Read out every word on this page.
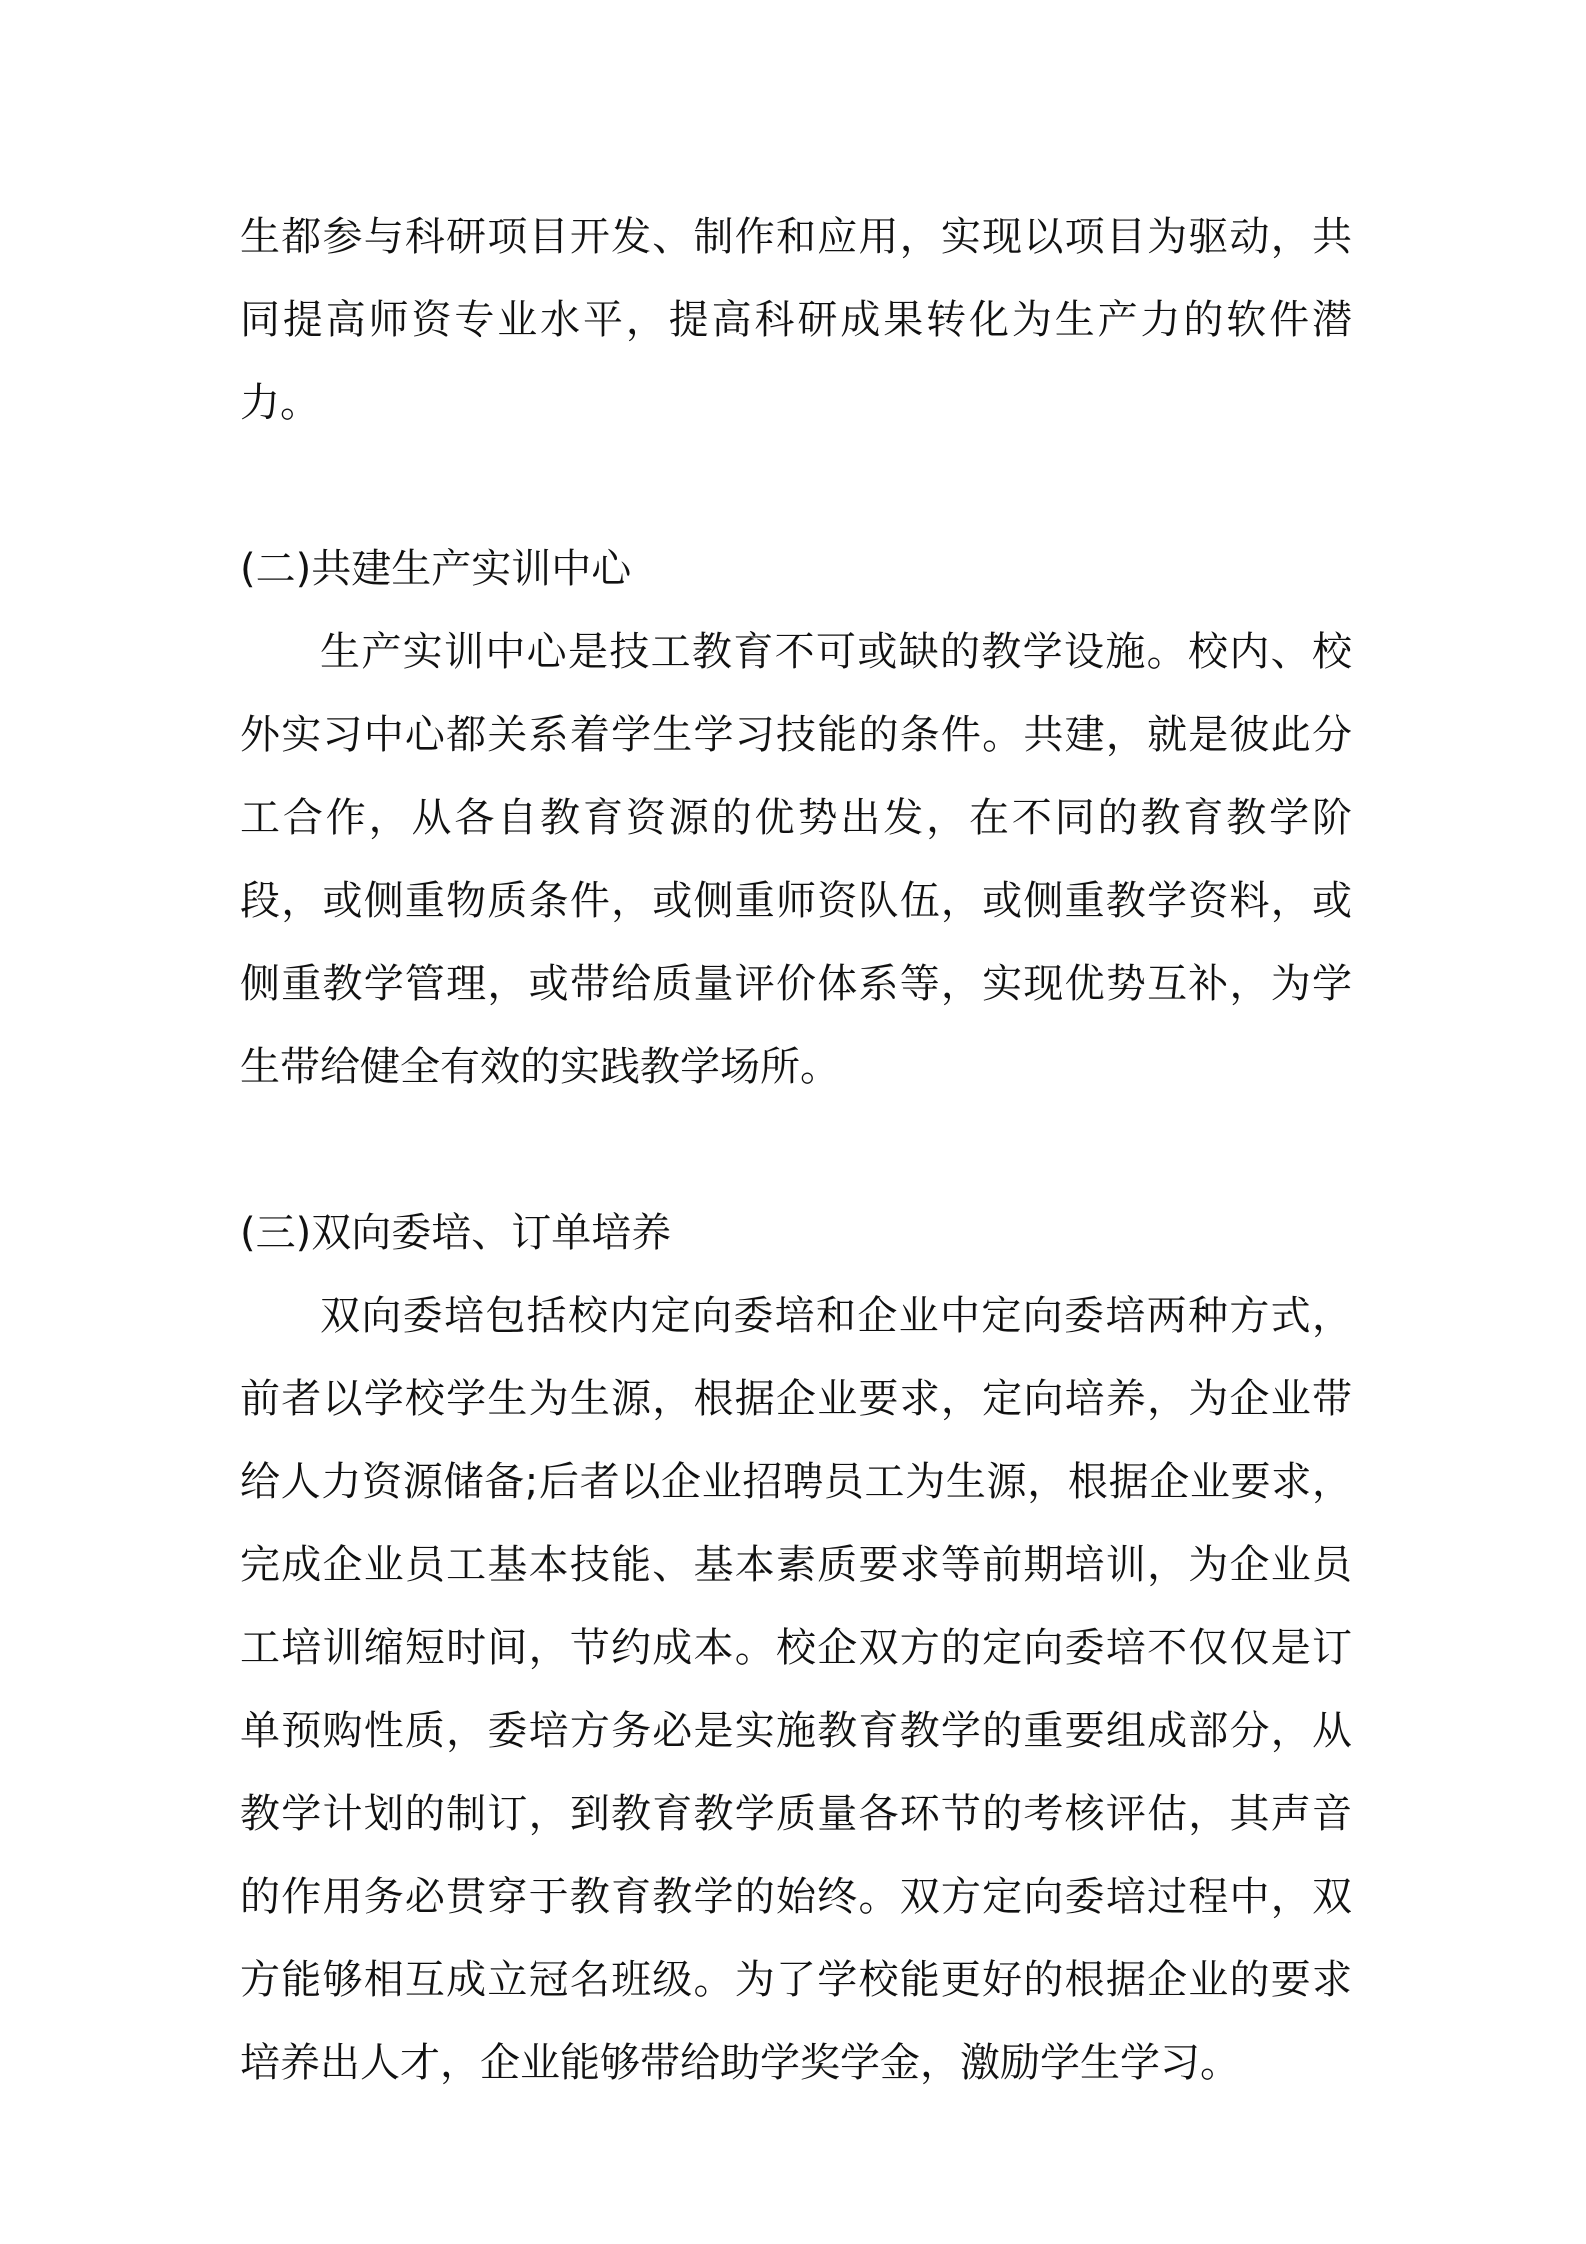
生都参与科研项目开发、制作和应用，实现以项目为驱动，共同提高师资专业水平，提高科研成果转化为生产力的软件潜力。

(二)共建生产实训中心

生产实训中心是技工教育不可或缺的教学设施。校内、校外实习中心都关系着学生学习技能的条件。共建，就是彼此分工合作，从各自教育资源的优势出发，在不同的教育教学阶段，或侧重物质条件，或侧重师资队伍，或侧重教学资料，或侧重教学管理，或带给质量评价体系等，实现优势互补，为学生带给健全有效的实践教学场所。

(三)双向委培、订单培养

双向委培包括校内定向委培和企业中定向委培两种方式，前者以学校学生为生源，根据企业要求，定向培养，为企业带给人力资源储备;后者以企业招聘员工为生源，根据企业要求，完成企业员工基本技能、基本素质要求等前期培训，为企业员工培训缩短时间，节约成本。校企双方的定向委培不仅仅是订单预购性质，委培方务必是实施教育教学的重要组成部分，从教学计划的制订，到教育教学质量各环节的考核评估，其声音的作用务必贯穿于教育教学的始终。双方定向委培过程中，双方能够相互成立冠名班级。为了学校能更好的根据企业的要求培养出人才，企业能够带给助学奖学金，激励学生学习。
